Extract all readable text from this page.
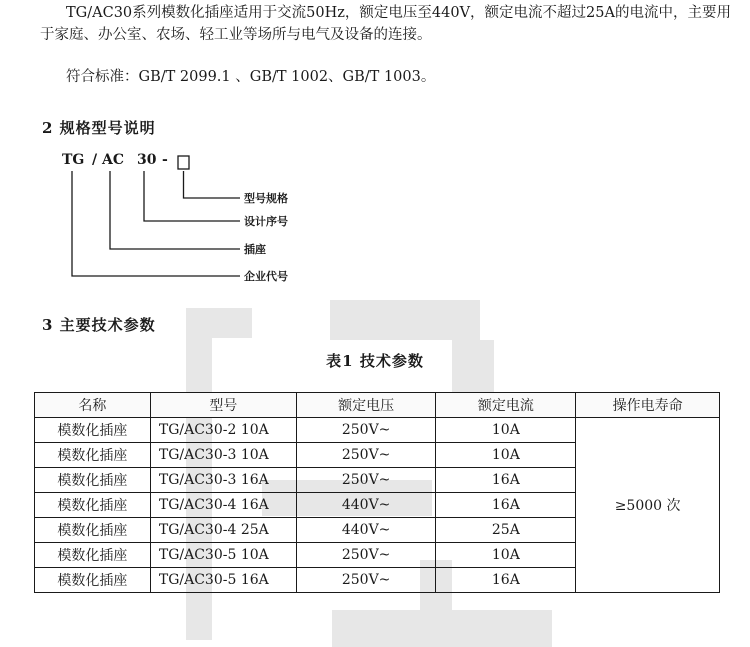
TG/AC30系列模数化插座适用于交流50Hz，额定电压至440V，额定电流不超过25A的电流中，主要用于家庭、办公室、农场、轻工业等场所与电气及设备的连接。
符合标准：GB/T 2099.1 、GB/T 1002、GB/T 1003。
2 规格型号说明
TG / AC 30 -
型号规格
设计序号
插座
企业代号
3 主要技术参数
表1 技术参数
名称	型号	额定电压	额定电流	操作电寿命
模数化插座	TG/AC30-2 10A	250V~	10A	≥5000 次
模数化插座	TG/AC30-3 10A	250V~	10A	
模数化插座	TG/AC30-3 16A	250V~	16A	
模数化插座	TG/AC30-4 16A	440V~	16A	
模数化插座	TG/AC30-4 25A	440V~	25A	
模数化插座	TG/AC30-5 10A	250V~	10A	
模数化插座	TG/AC30-5 16A	250V~	16A	
